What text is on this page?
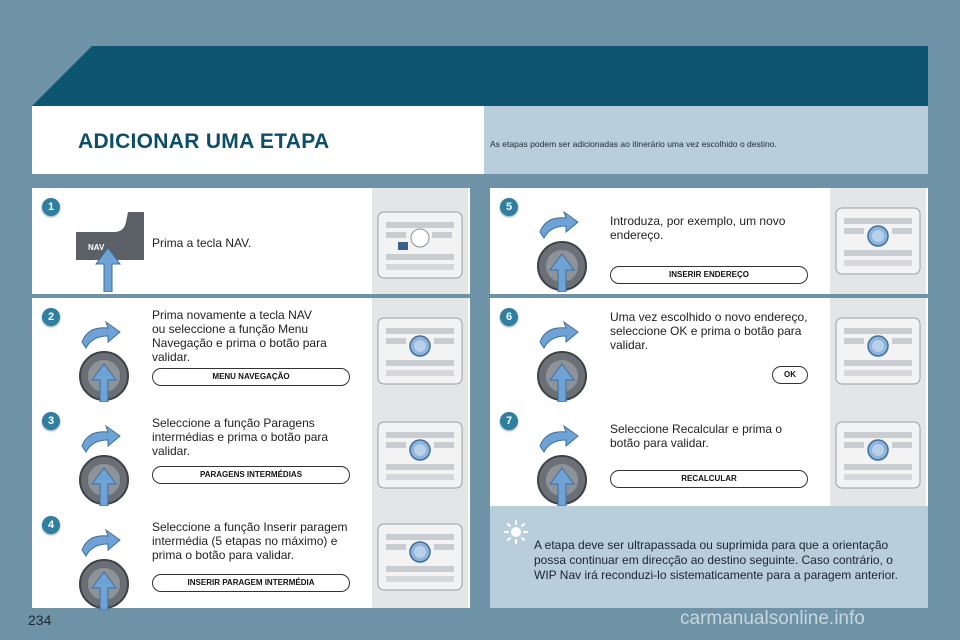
ADICIONAR UMA ETAPA	As etapas podem ser adicionadas ao itinerário uma vez escolhido o destino.
1
NAV	Prima a tecla NAV.
2	Prima novamente a tecla NAV
ou seleccione a função Menu
Navegação e prima o botão para
validar.
MENU NAVEGAÇÃO
3	Seleccione a função Paragens
intermédias e prima o botão para
validar.
PARAGENS INTERMÉDIAS
4	Seleccione a função Inserir paragem
intermédia (5 etapas no máximo) e
prima o botão para validar.
INSERIR PARAGEM INTERMÉDIA
5
Introduza, por exemplo, um novo
endereço.
INSERIR ENDEREÇO
6	Uma vez escolhido o novo endereço,
seleccione OK e prima o botão para
validar.
OK
7
Seleccione Recalcular e prima o
botão para validar.
RECALCULAR
A etapa deve ser ultrapassada ou suprimida para que a orientação
possa continuar em direcção ao destino seguinte. Caso contrário, o
WIP Nav irá reconduzi-lo sistematicamente para a paragem anterior.
234	carmanualsonline.info
